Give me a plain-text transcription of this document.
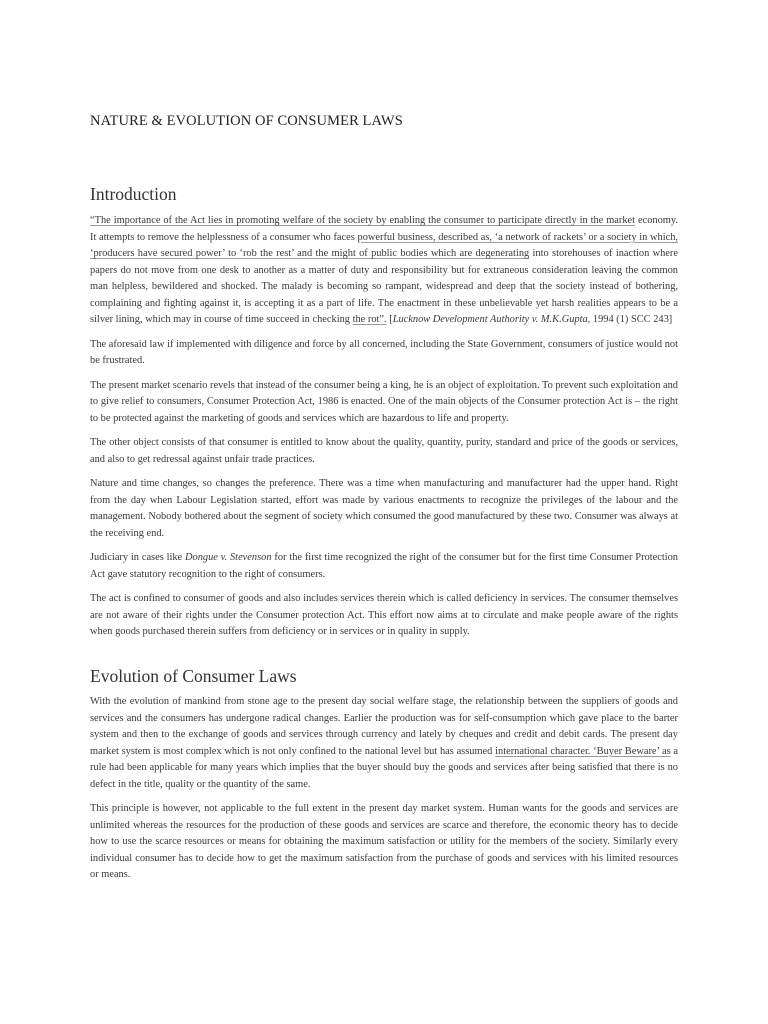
NATURE & EVOLUTION OF CONSUMER LAWS
Introduction

“The importance of the Act lies in promoting welfare of the society by enabling the consumer to participate directly in the market economy. It attempts to remove the helplessness of a consumer who faces powerful business, described as, ‘a network of rackets’ or a society in which, ‘producers have secured power’ to ‘rob the rest’ and the might of public bodies which are degenerating into storehouses of inaction where papers do not move from one desk to another as a matter of duty and responsibility but for extraneous consideration leaving the common man helpless, bewildered and shocked. The malady is becoming so rampant, widespread and deep that the society instead of bothering, complaining and fighting against it, is accepting it as a part of life. The enactment in these unbelievable yet harsh realities appears to be a silver lining, which may in course of time succeed in checking the rot”. [Lucknow Development Authority v. M.K.Gupta, 1994 (1) SCC 243]

The aforesaid law if implemented with diligence and force by all concerned, including the State Government, consumers of justice would not be frustrated.

The present market scenario revels that instead of the consumer being a king, he is an object of exploitation. To prevent such exploitation and to give relief to consumers, Consumer Protection Act, 1986 is enacted. One of the main objects of the Consumer protection Act is – the right to be protected against the marketing of goods and services which are hazardous to life and property.

The other object consists of that consumer is entitled to know about the quality, quantity, purity, standard and price of the goods or services, and also to get redressal against unfair trade practices.

Nature and time changes, so changes the preference. There was a time when manufacturing and manufacturer had the upper hand. Right from the day when Labour Legislation started, effort was made by various enactments to recognize the privileges of the labour and the management. Nobody bothered about the segment of society which consumed the good manufactured by these two. Consumer was always at the receiving end.

Judiciary in cases like Dongue v. Stevenson for the first time recognized the right of the consumer but for the first time Consumer Protection Act gave statutory recognition to the right of consumers.

The act is confined to consumer of goods and also includes services therein which is called deficiency in services. The consumer themselves are not aware of their rights under the Consumer protection Act. This effort now aims at to circulate and make people aware of the rights when goods purchased therein suffers from deficiency or in services or in quality in supply.

Evolution of Consumer Laws

With the evolution of mankind from stone age to the present day social welfare stage, the relationship between the suppliers of goods and services and the consumers has undergone radical changes. Earlier the production was for self-consumption which gave place to the barter system and then to the exchange of goods and services through currency and lately by cheques and credit and debit cards. The present day market system is most complex which is not only confined to the national level but has assumed international character. ‘Buyer Beware’ as a rule had been applicable for many years which implies that the buyer should buy the goods and services after being satisfied that there is no defect in the title, quality or the quantity of the same.

This principle is however, not applicable to the full extent in the present day market system. Human wants for the goods and services are unlimited whereas the resources for the production of these goods and services are scarce and therefore, the economic theory has to decide how to use the scarce resources or means for obtaining the maximum satisfaction or utility for the members of the society. Similarly every individual consumer has to decide how to get the maximum satisfaction from the purchase of goods and services with his limited resources or means.
